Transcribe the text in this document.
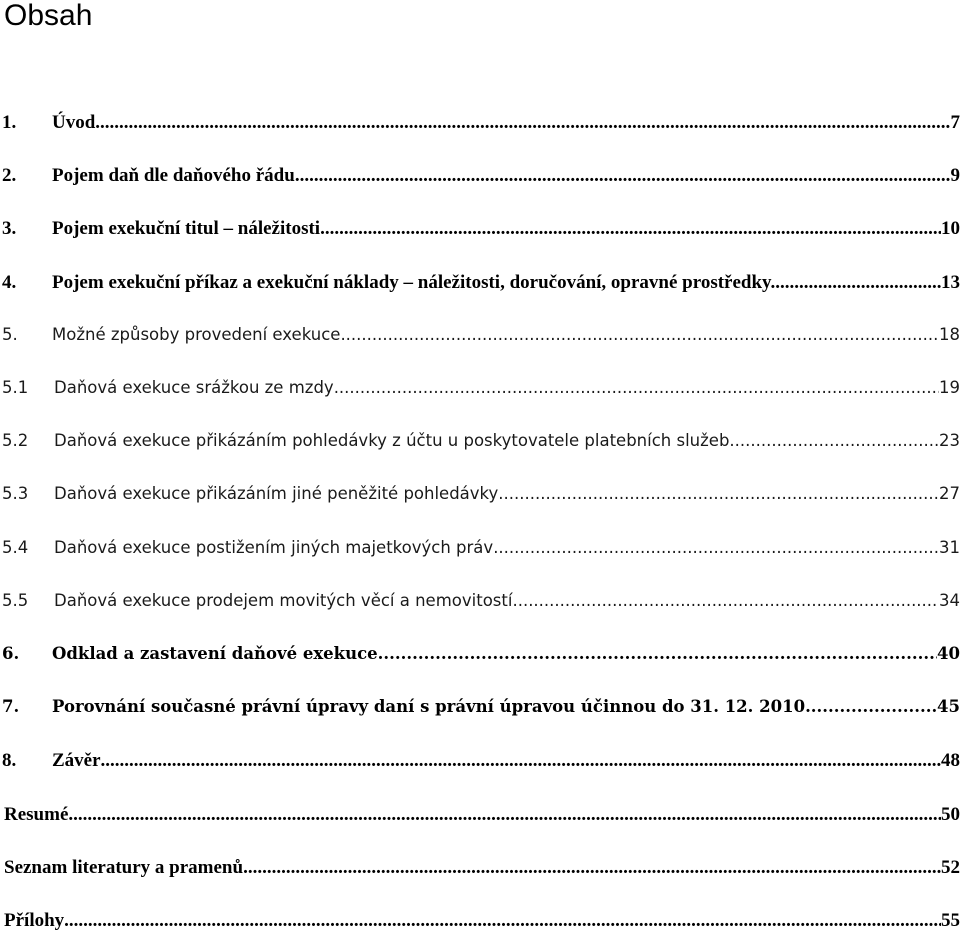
Obsah
1.	Úvod .....	7
2.	Pojem daň dle daňového řádu .....	9
3.	Pojem exekuční titul – náležitosti .....	10
4.	Pojem exekuční příkaz a exekuční náklady – náležitosti, doručování, opravné prostředky. .....	13
5.	Možné způsoby provedení exekuce .....	18
5.1	Daňová exekuce srážkou ze mzdy .....	19
5.2	Daňová exekuce přikázáním pohledávky z účtu u poskytovatele platebních služeb .....	23
5.3	Daňová exekuce přikázáním jiné peněžité pohledávky .....	27
5.4	Daňová exekuce postižením jiných majetkových práv .....	31
5.5	Daňová exekuce prodejem movitých věcí a nemovitostí .....	34
6.	Odklad a zastavení daňové exekuce .....	40
7.	Porovnání současné právní úpravy daní s právní úpravou účinnou do 31. 12. 2010 .....	45
8.	Závěr .....	48
Resumé .....	50
Seznam literatury a pramenů .....	52
Přílohy .....	55
